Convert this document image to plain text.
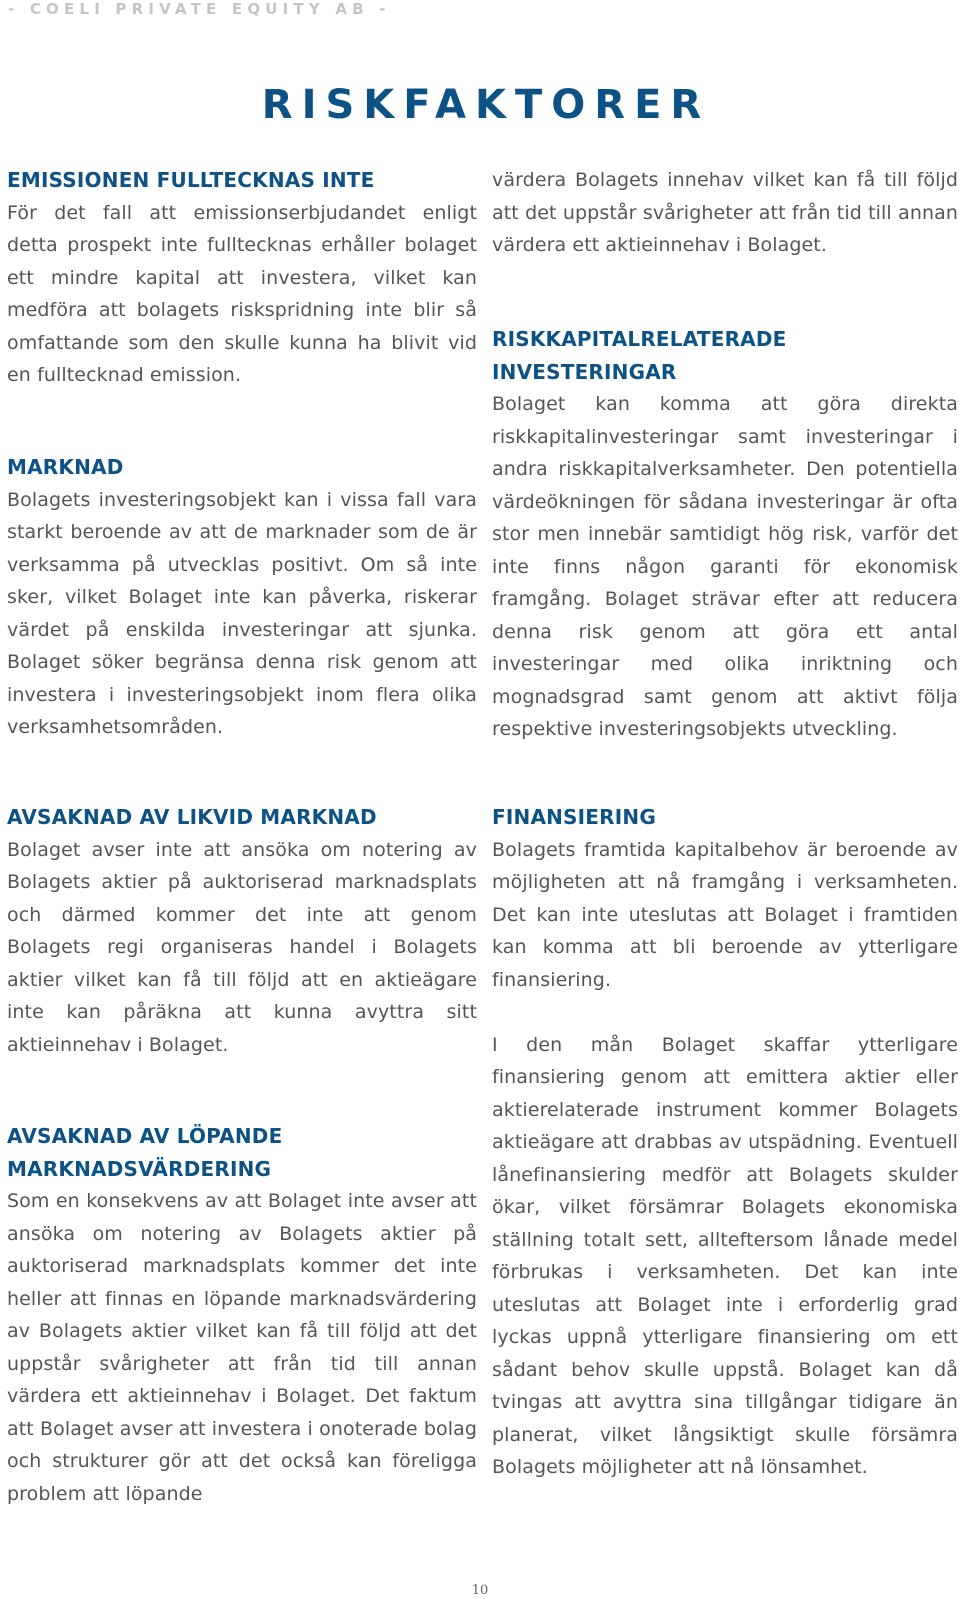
- COELI PRIVATE EQUITY AB -
RISKFAKTORER
EMISSIONEN FULLTECKNAS INTE

För det fall att emissionserbjudandet enligt detta prospekt inte fulltecknas erhåller bolaget ett mindre kapital att investera, vilket kan medföra att bolagets riskspridning inte blir så omfattande som den skulle kunna ha blivit vid en fulltecknad emission.

MARKNAD

Bolagets investeringsobjekt kan i vissa fall vara starkt beroende av att de marknader som de är verksamma på utvecklas positivt. Om så inte sker, vilket Bolaget inte kan påverka, riskerar värdet på enskilda investeringar att sjunka. Bolaget söker begränsa denna risk genom att investera i investeringsobjekt inom flera olika verksamhetsområden.

AVSAKNAD AV LIKVID MARKNAD

Bolaget avser inte att ansöka om notering av Bolagets aktier på auktoriserad marknadsplats och därmed kommer det inte att genom Bolagets regi organiseras handel i Bolagets aktier vilket kan få till följd att en aktieägare inte kan påräkna att kunna avyttra sitt aktieinnehav i Bolaget.

AVSAKNAD AV LÖPANDE MARKNADSVÄRDERING

Som en konsekvens av att Bolaget inte avser att ansöka om notering av Bolagets aktier på auktoriserad marknadsplats kommer det inte heller att finnas en löpande marknadsvärdering av Bolagets aktier vilket kan få till följd att det uppstår svårigheter att från tid till annan värdera ett aktieinnehav i Bolaget. Det faktum att Bolaget avser att investera i onoterade bolag och strukturer gör att det också kan föreligga problem att löpande

värdera Bolagets innehav vilket kan få till följd att det uppstår svårigheter att från tid till annan värdera ett aktieinnehav i Bolaget.

RISKKAPITALRELATERADE INVESTERINGAR

Bolaget kan komma att göra direkta riskkapitalinvesteringar samt investeringar i andra riskkapitalverksamheter. Den potentiella värdeökningen för sådana investeringar är ofta stor men innebär samtidigt hög risk, varför det inte finns någon garanti för ekonomisk framgång. Bolaget strävar efter att reducera denna risk genom att göra ett antal investeringar med olika inriktning och mognadsgrad samt genom att aktivt följa respektive investeringsobjekts utveckling.

FINANSIERING

Bolagets framtida kapitalbehov är beroende av möjligheten att nå framgång i verksamheten. Det kan inte uteslutas att Bolaget i framtiden kan komma att bli beroende av ytterligare finansiering.

I den mån Bolaget skaffar ytterligare finansiering genom att emittera aktier eller aktierelaterade instrument kommer Bolagets aktieägare att drabbas av utspädning. Eventuell lånefinansiering medför att Bolagets skulder ökar, vilket försämrar Bolagets ekonomiska ställning totalt sett, allteftersom lånade medel förbrukas i verksamheten. Det kan inte uteslutas att Bolaget inte i erforderlig grad lyckas uppnå ytterligare finansiering om ett sådant behov skulle uppstå. Bolaget kan då tvingas att avyttra sina tillgångar tidigare än planerat, vilket långsiktigt skulle försämra Bolagets möjligheter att nå lönsamhet.

10
